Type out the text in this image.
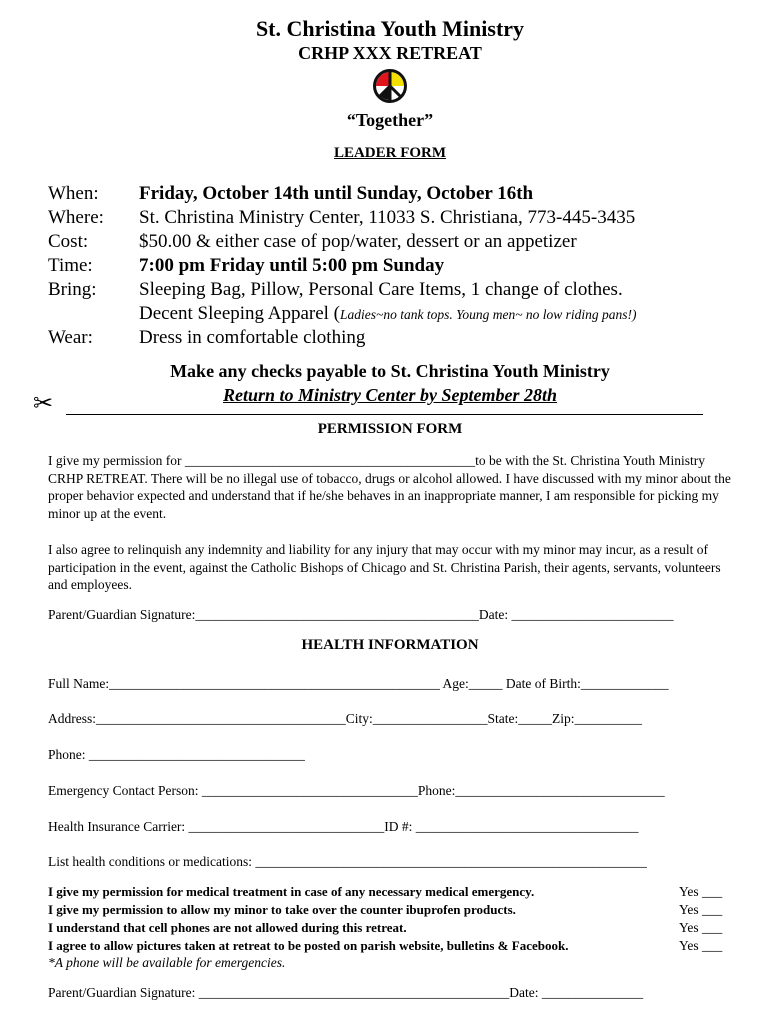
St. Christina Youth Ministry
CRHP XXX RETREAT
“Together”
LEADER FORM
When: Friday, October 14th until Sunday, October 16th
Where: St. Christina Ministry Center, 11033 S. Christiana, 773-445-3435
Cost:	$50.00 & either case of pop/water, dessert or an appetizer
Time: 7:00 pm Friday until 5:00 pm Sunday
Bring: Sleeping Bag, Pillow, Personal Care Items, 1 change of clothes.
Decent Sleeping Apparel (Ladies~no tank tops. Young men~ no low riding pans!)
Wear: Dress in comfortable clothing
Make any checks payable to St. Christina Youth Ministry
Return to Ministry Center by September 28th
✂
PERMISSION FORM

I give my permission for ___________________________________________to be with the St. Christina Youth Ministry CRHP RETREAT. There will be no illegal use of tobacco, drugs or alcohol allowed. I have discussed with my minor about the proper behavior expected and understand that if he/she behaves in an inappropriate manner, I am responsible for picking my minor up at the event.

I also agree to relinquish any indemnity and liability for any injury that may occur with my minor may incur, as a result of participation in the event, against the Catholic Bishops of Chicago and St. Christina Parish, their agents, servants, volunteers and employees.

Parent/Guardian Signature:__________________________________________Date: ________________________
HEALTH INFORMATION
Full Name:_________________________________________________ Age:_____ Date of Birth:_____________
Address:_____________________________________City:_________________State:_____Zip:__________
Phone: ________________________________
Emergency Contact Person: ________________________________Phone:_______________________________
Health Insurance Carrier: _____________________________ID #: _________________________________
List health conditions or medications: __________________________________________________________
I give my permission for medical treatment in case of any necessary medical emergency.	Yes ___
I give my permission to allow my minor to take over the counter ibuprofen products.	Yes ___
I understand that cell phones are not allowed during this retreat.	Yes ___
I agree to allow pictures taken at retreat to be posted on parish website, bulletins & Facebook.	Yes ___
*A phone will be available for emergencies.
Parent/Guardian Signature: ______________________________________________Date: _______________
